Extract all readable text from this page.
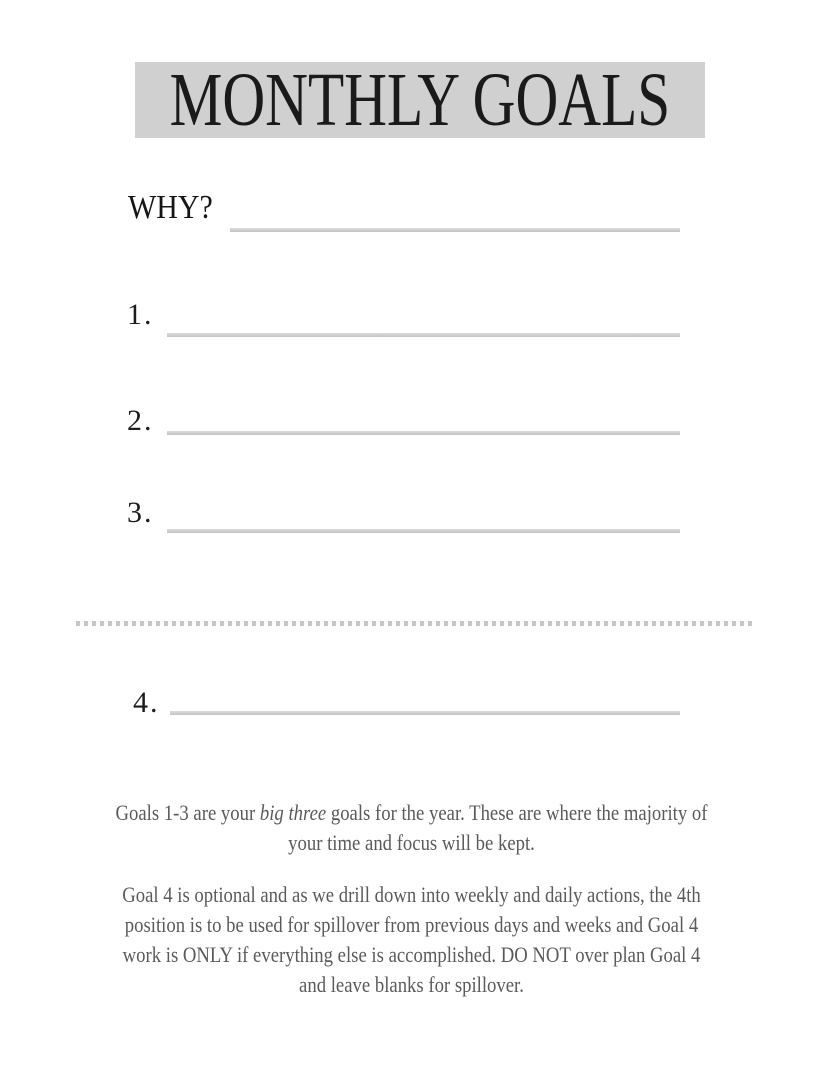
MONTHLY GOALS
WHY?
1.
2.
3.
4.
Goals 1-3 are your big three goals for the year. These are where the majority of
your time and focus will be kept.
Goal 4 is optional and as we drill down into weekly and daily actions, the 4th
position is to be used for spillover from previous days and weeks and Goal 4
work is ONLY if everything else is accomplished. DO NOT over plan Goal 4
and leave blanks for spillover.
